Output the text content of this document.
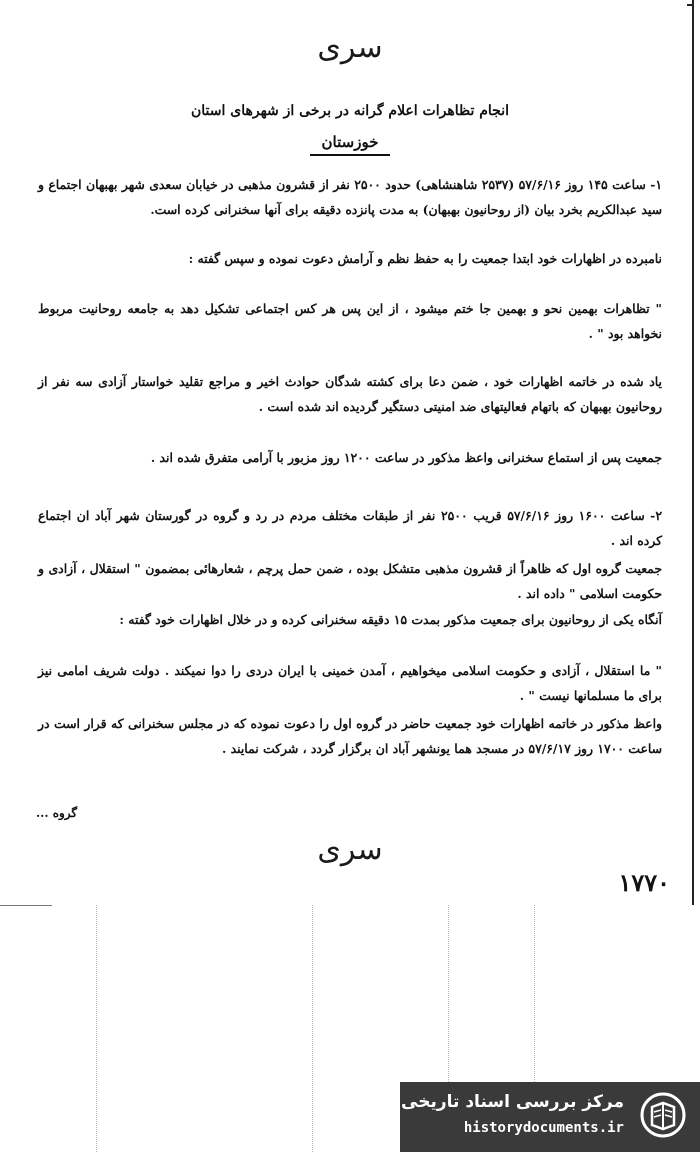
سری
انجام تظاهرات اعلام گرانه در برخی از شهرهای استان
خوزستان

۱- ساعت ۱۴۵ روز ۵۷/۶/۱۶ (۲۵۳۷ شاهنشاهی) حدود ۲۵۰۰ نفر از قشرون مذهبی در خیابان سعدی شهر بهبهان اجتماع و سید عبدالکریم بخرد بیان (از روحانیون بهبهان) به مدت پانزده دقیقه برای آنها سخنرانی کرده است.

نامبرده در اظهارات خود ابتدا جمعیت را به حفظ نظم و آرامش دعوت نموده و سپس گفته :

" تظاهرات بهمین نحو و بهمین جا ختم میشود ، از این پس هر کس اجتماعی تشکیل دهد به جامعه روحانیت مربوط نخواهد بود " .

یاد شده در خاتمه اظهارات خود ، ضمن دعا برای کشته شدگان حوادث اخیر و مراجع تقلید خواستار آزادی سه نفر از روحانیون بهبهان که باتهام فعالیتهای ضد امنیتی دستگیر گردیده اند شده است .

جمعیت پس از استماع سخنرانی واعظ مذکور در ساعت ۱۲۰۰ روز مزبور با آرامی متفرق شده اند .

۲- ساعت ۱۶۰۰ روز ۵۷/۶/۱۶ قریب ۲۵۰۰ نفر از طبقات مختلف مردم در رد و گروه در گورستان شهر آباد ان اجتماع کرده اند .

جمعیت گروه اول که ظاهراً از قشرون مذهبی متشکل بوده ، ضمن حمل پرچم ، شعارهائی بمضمون " استقلال ، آزادی و حکومت اسلامی " داده اند .

آنگاه یکی از روحانیون برای جمعیت مذکور بمدت ۱۵ دقیقه سخنرانی کرده و در خلال اظهارات خود گفته :

" ما استقلال ، آزادی و حکومت اسلامی میخواهیم ، آمدن خمینی با ایران دردی را دوا نمیکند . دولت شریف امامی نیز برای ما مسلمانها نیست " .

واعظ مذکور در خاتمه اظهارات خود جمعیت حاضر در گروه اول را دعوت نموده که در مجلس سخنرانی که قرار است در ساعت ۱۷۰۰ روز ۵۷/۶/۱۷ در مسجد هما یونشهر آباد ان برگزار گردد ، شرکت نمایند .

سری
گروه ...
۱۷۷۰
مرکز بررسی اسناد تاریخی
historydocuments.ir
